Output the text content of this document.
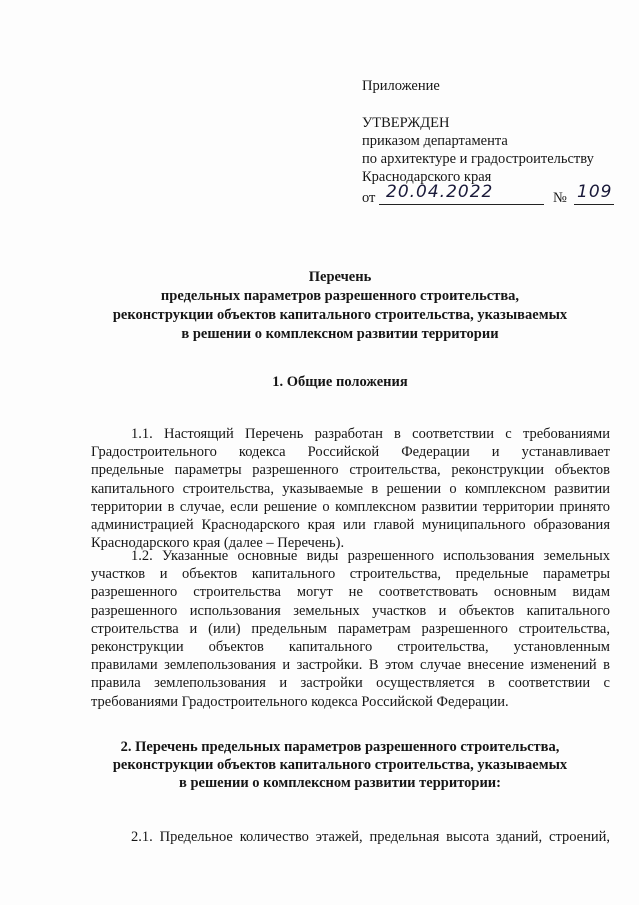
Приложение
УТВЕРЖДЕН
приказом департамента
по архитектуре и градостроительству
Краснодарского края
от 20.04.2022	№ 109
Перечень
предельных параметров разрешенного строительства,
реконструкции объектов капитального строительства, указываемых
в решении о комплексном развитии территории
1. Общие положения
1.1. Настоящий Перечень разработан в соответствии с требованиями
Градостроительного кодекса Российской Федерации и устанавливает
предельные параметры разрешенного строительства, реконструкции объектов
капитального строительства, указываемые в решении о комплексном развитии
территории в случае, если решение о комплексном развитии территории принято
администрацией Краснодарского края или главой муниципального образования
Краснодарского края (далее – Перечень).
1.2. Указанные основные виды разрешенного использования земельных
участков и объектов капитального строительства, предельные параметры
разрешенного строительства могут не соответствовать основным видам
разрешенного использования земельных участков и объектов капитального
строительства и (или) предельным параметрам разрешенного строительства,
реконструкции объектов капитального строительства, установленным
правилами землепользования и застройки. В этом случае внесение изменений в
правила землепользования и застройки осуществляется в соответствии с
требованиями Градостроительного кодекса Российской Федерации.
2. Перечень предельных параметров разрешенного строительства,
реконструкции объектов капитального строительства, указываемых
в решении о комплексном развитии территории:
2.1. Предельное количество этажей, предельная высота зданий, строений,
